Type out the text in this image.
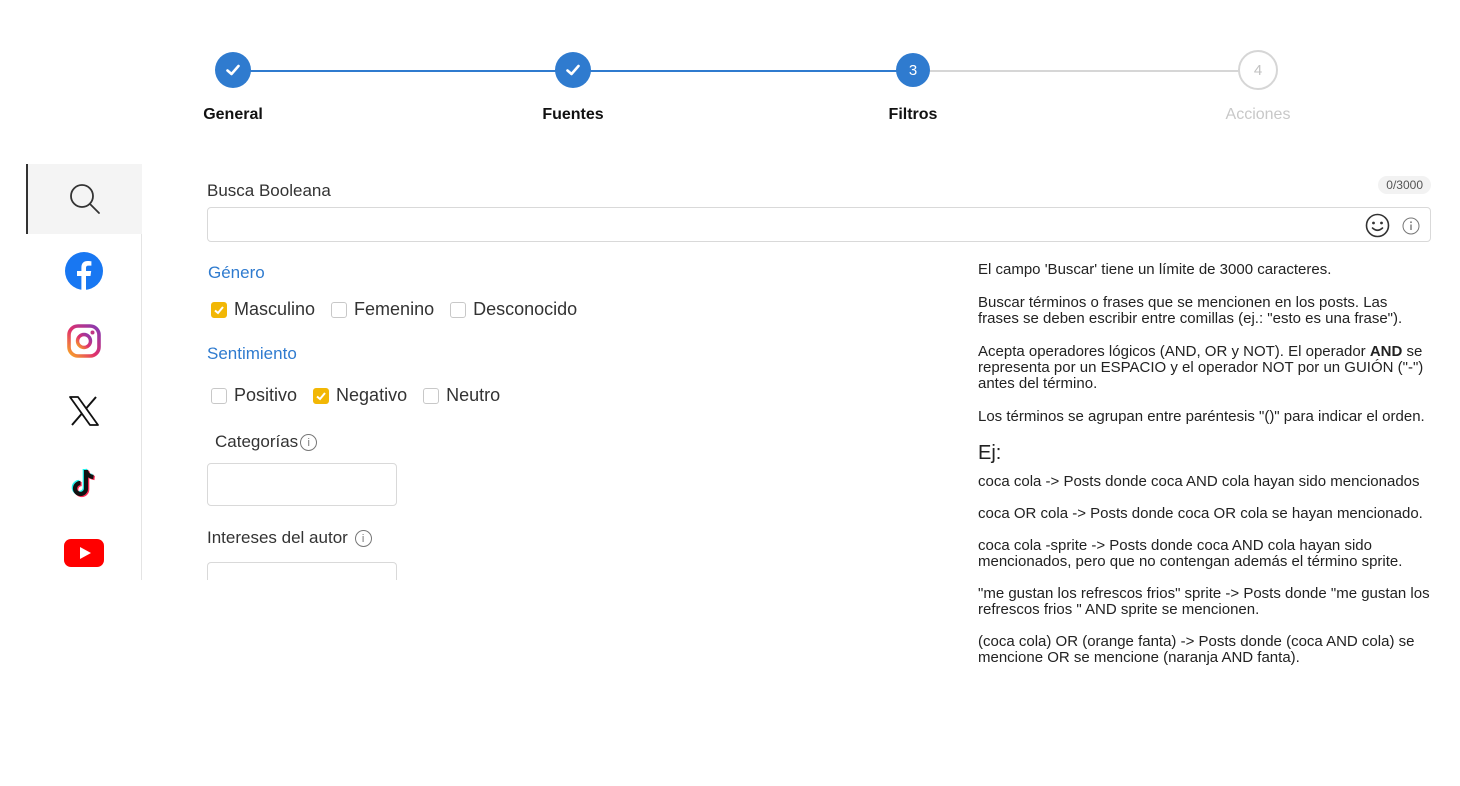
General	Fuentes
3
Filtros
4
Acciones
Busca Booleana	0/3000
Género
Masculino Femenino Desconocido
Sentimiento
Positivo Negativo Neutro
Categorías i
Intereses del autor i

El campo 'Buscar' tiene un límite de 3000 caracteres.

Buscar términos o frases que se mencionen en los posts. Las frases se deben escribir entre comillas (ej.: "esto es una frase").

Acepta operadores lógicos (AND, OR y NOT). El operador AND se representa por un ESPACIO y el operador NOT por un GUIÓN ("-") antes del término.

Los términos se agrupan entre paréntesis "()" para indicar el orden.

Ej:
coca cola -> Posts donde coca AND cola hayan sido mencionados
coca OR cola -> Posts donde coca OR cola se hayan mencionado.
coca cola -sprite -> Posts donde coca AND cola hayan sido mencionados, pero que no contengan además el término sprite.
"me gustan los refrescos frios" sprite -> Posts donde "me gustan los refrescos frios " AND sprite se mencionen.
(coca cola) OR (orange fanta) -> Posts donde (coca AND cola) se mencione OR se mencione (naranja AND fanta).
